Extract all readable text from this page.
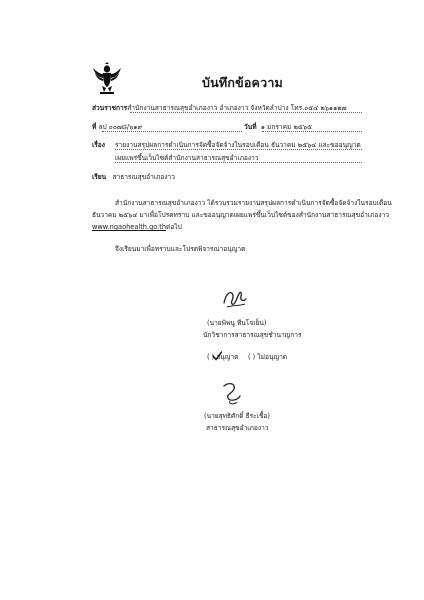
บันทึกข้อความ
ส่วนราชการสำนักงานสาธารณสุขอำเภองาว อำเภองาว จังหวัดลำปาง โทร.๐๕๔ ๒๖๑๑๒๗
ที่ ลป ๐๐๗๘/๖๑๙	วันที่ ๑ มกราคม ๒๕๖๕
เรื่อง รายงานสรุปผลการดำเนินการจัดซื้อจัดจ้างในรอบเดือน ธันวาคม ๒๕๖๔ และขออนุญาต
เผยแพร่ขึ้นเว็บไซต์สำนักงานสาธารณสุขอำเภองาว
เรียน สาธารณสุขอำเภองาว
สำนักงานสาธารณสุขอำเภองาว ได้รวบรวมรายงานสรุปผลการดำเนินการจัดซื้อจัดจ้างในรอบเดือน
ธันวาคม ๒๕๖๔ มาเพื่อโปรดทราบ และขออนุญาตเผยแพร่ขึ้นเว็บไซต์ของสำนักงานสาธารณสุขอำเภองาว
www.ngaohealth.go.thต่อไป
จึงเรียนมาเพื่อทราบและโปรดพิจารณาอนุญาต
(นายพิพนู ทีนโจเย็น)
นักวิชาการสาธารณสุขชำนาญการ
( ) อนุญาต ( ) ไม่อนุญาต
(นายสุทธิศักดิ์ ธีระเชื้อ)
สาธารณสุขอำเภองาว
